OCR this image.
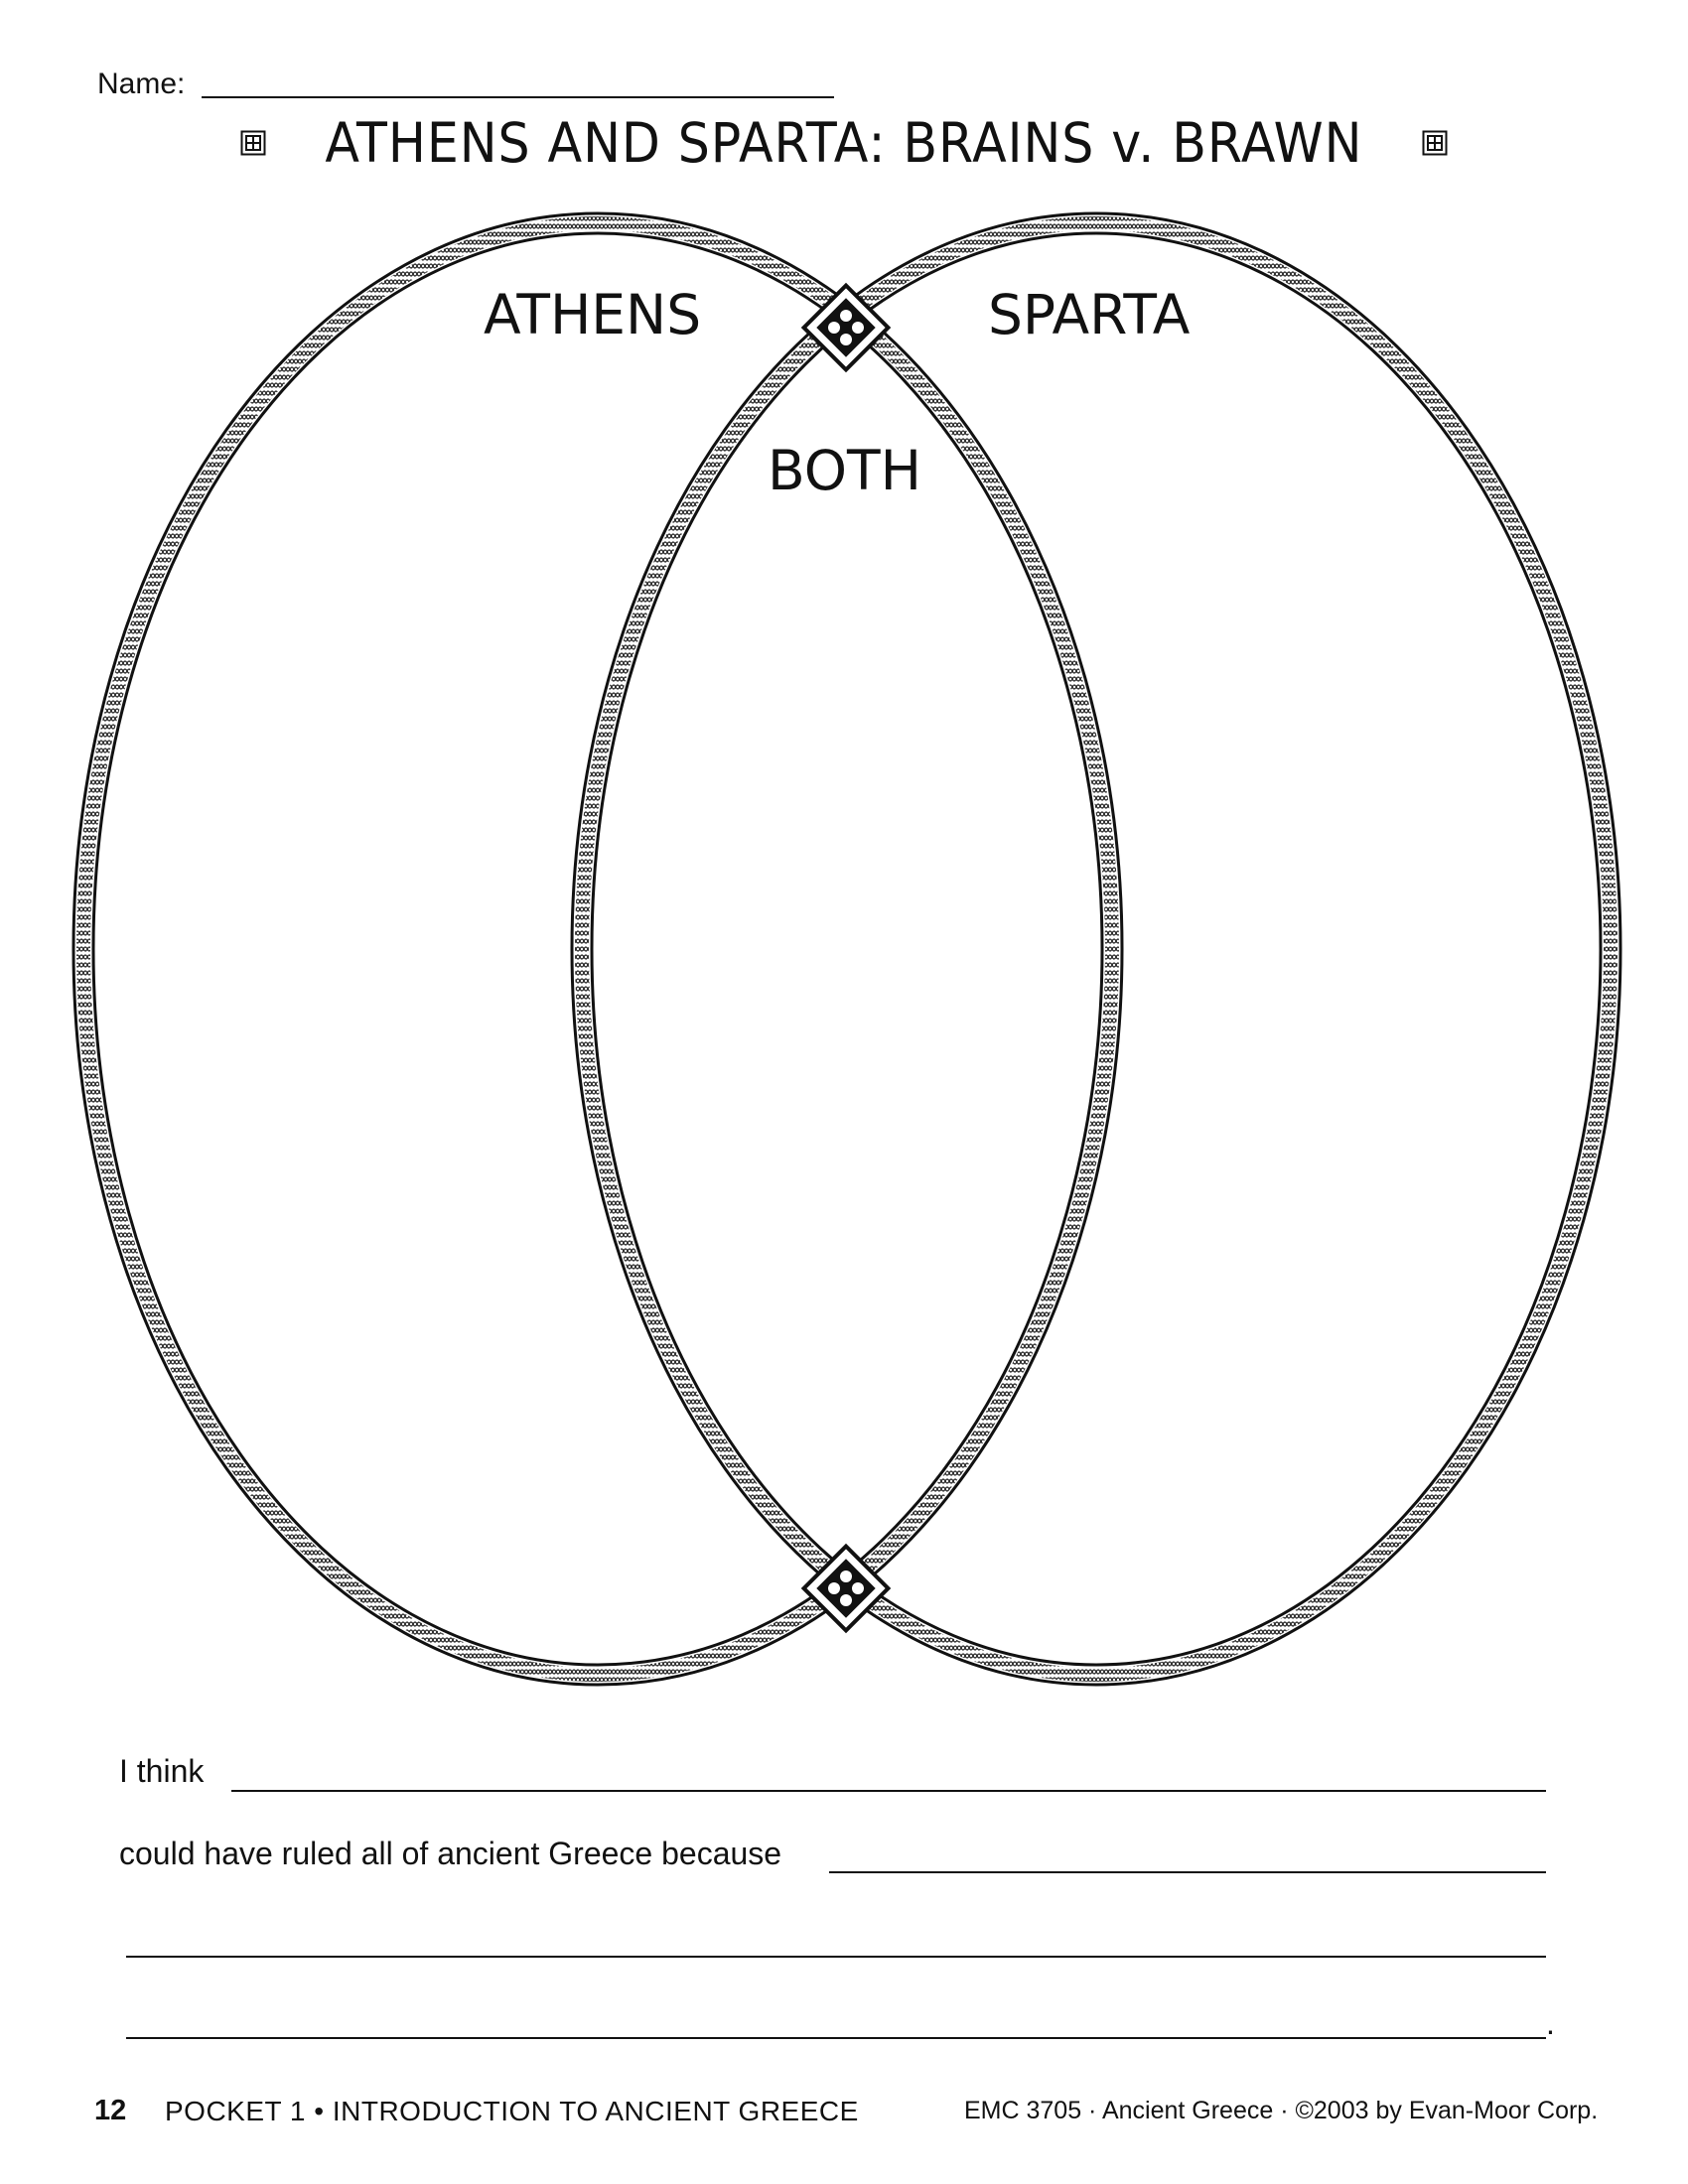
Name:
ATHENS AND SPARTA: BRAINS v. BRAWN
ATHENS	SPARTA
BOTH
I think
could have ruled all of ancient Greece because
.
12 POCKET 1 • INTRODUCTION TO ANCIENT GREECE	EMC 3705 · Ancient Greece · ©2003 by Evan-Moor Corp.
